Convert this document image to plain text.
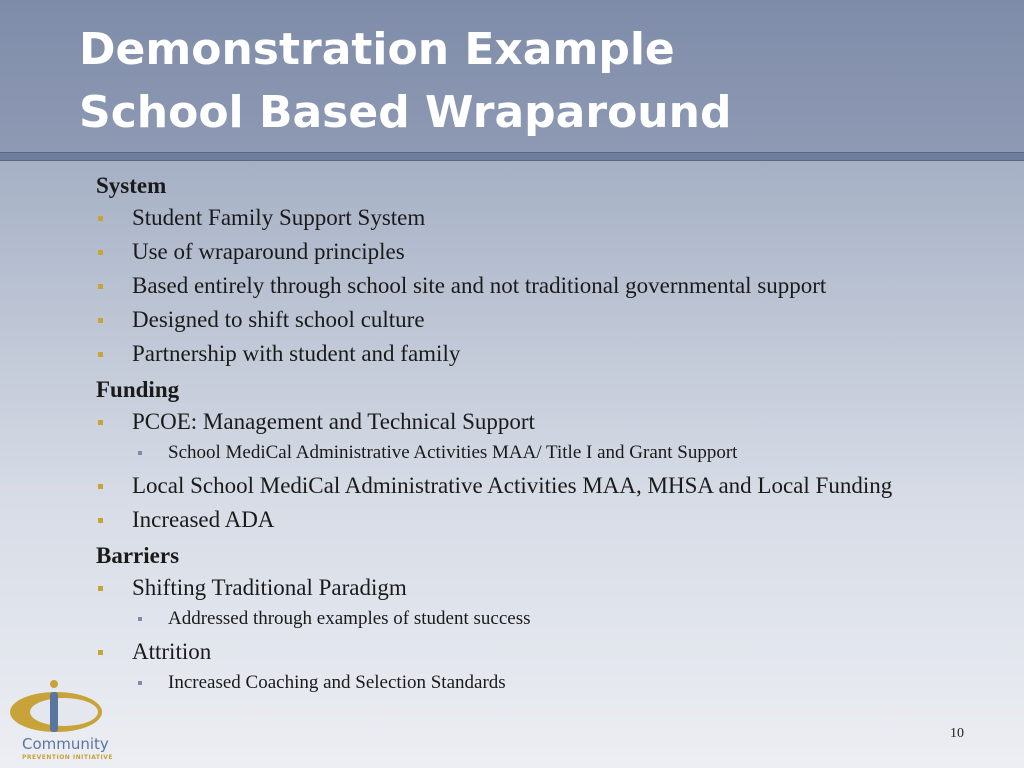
Demonstration Example
School Based Wraparound
System
Student Family Support System
Use of wraparound principles
Based entirely through school site and not traditional governmental support
Designed to shift school culture
Partnership with student and family
Funding
PCOE: Management and Technical Support
School MediCal Administrative Activities MAA/ Title I and Grant Support
Local School MediCal Administrative Activities MAA, MHSA and Local Funding
Increased ADA
Barriers
Shifting Traditional Paradigm
Addressed through examples of student success
Attrition
Increased Coaching and Selection Standards
Community
PREVENTION INITIATIVE
10
